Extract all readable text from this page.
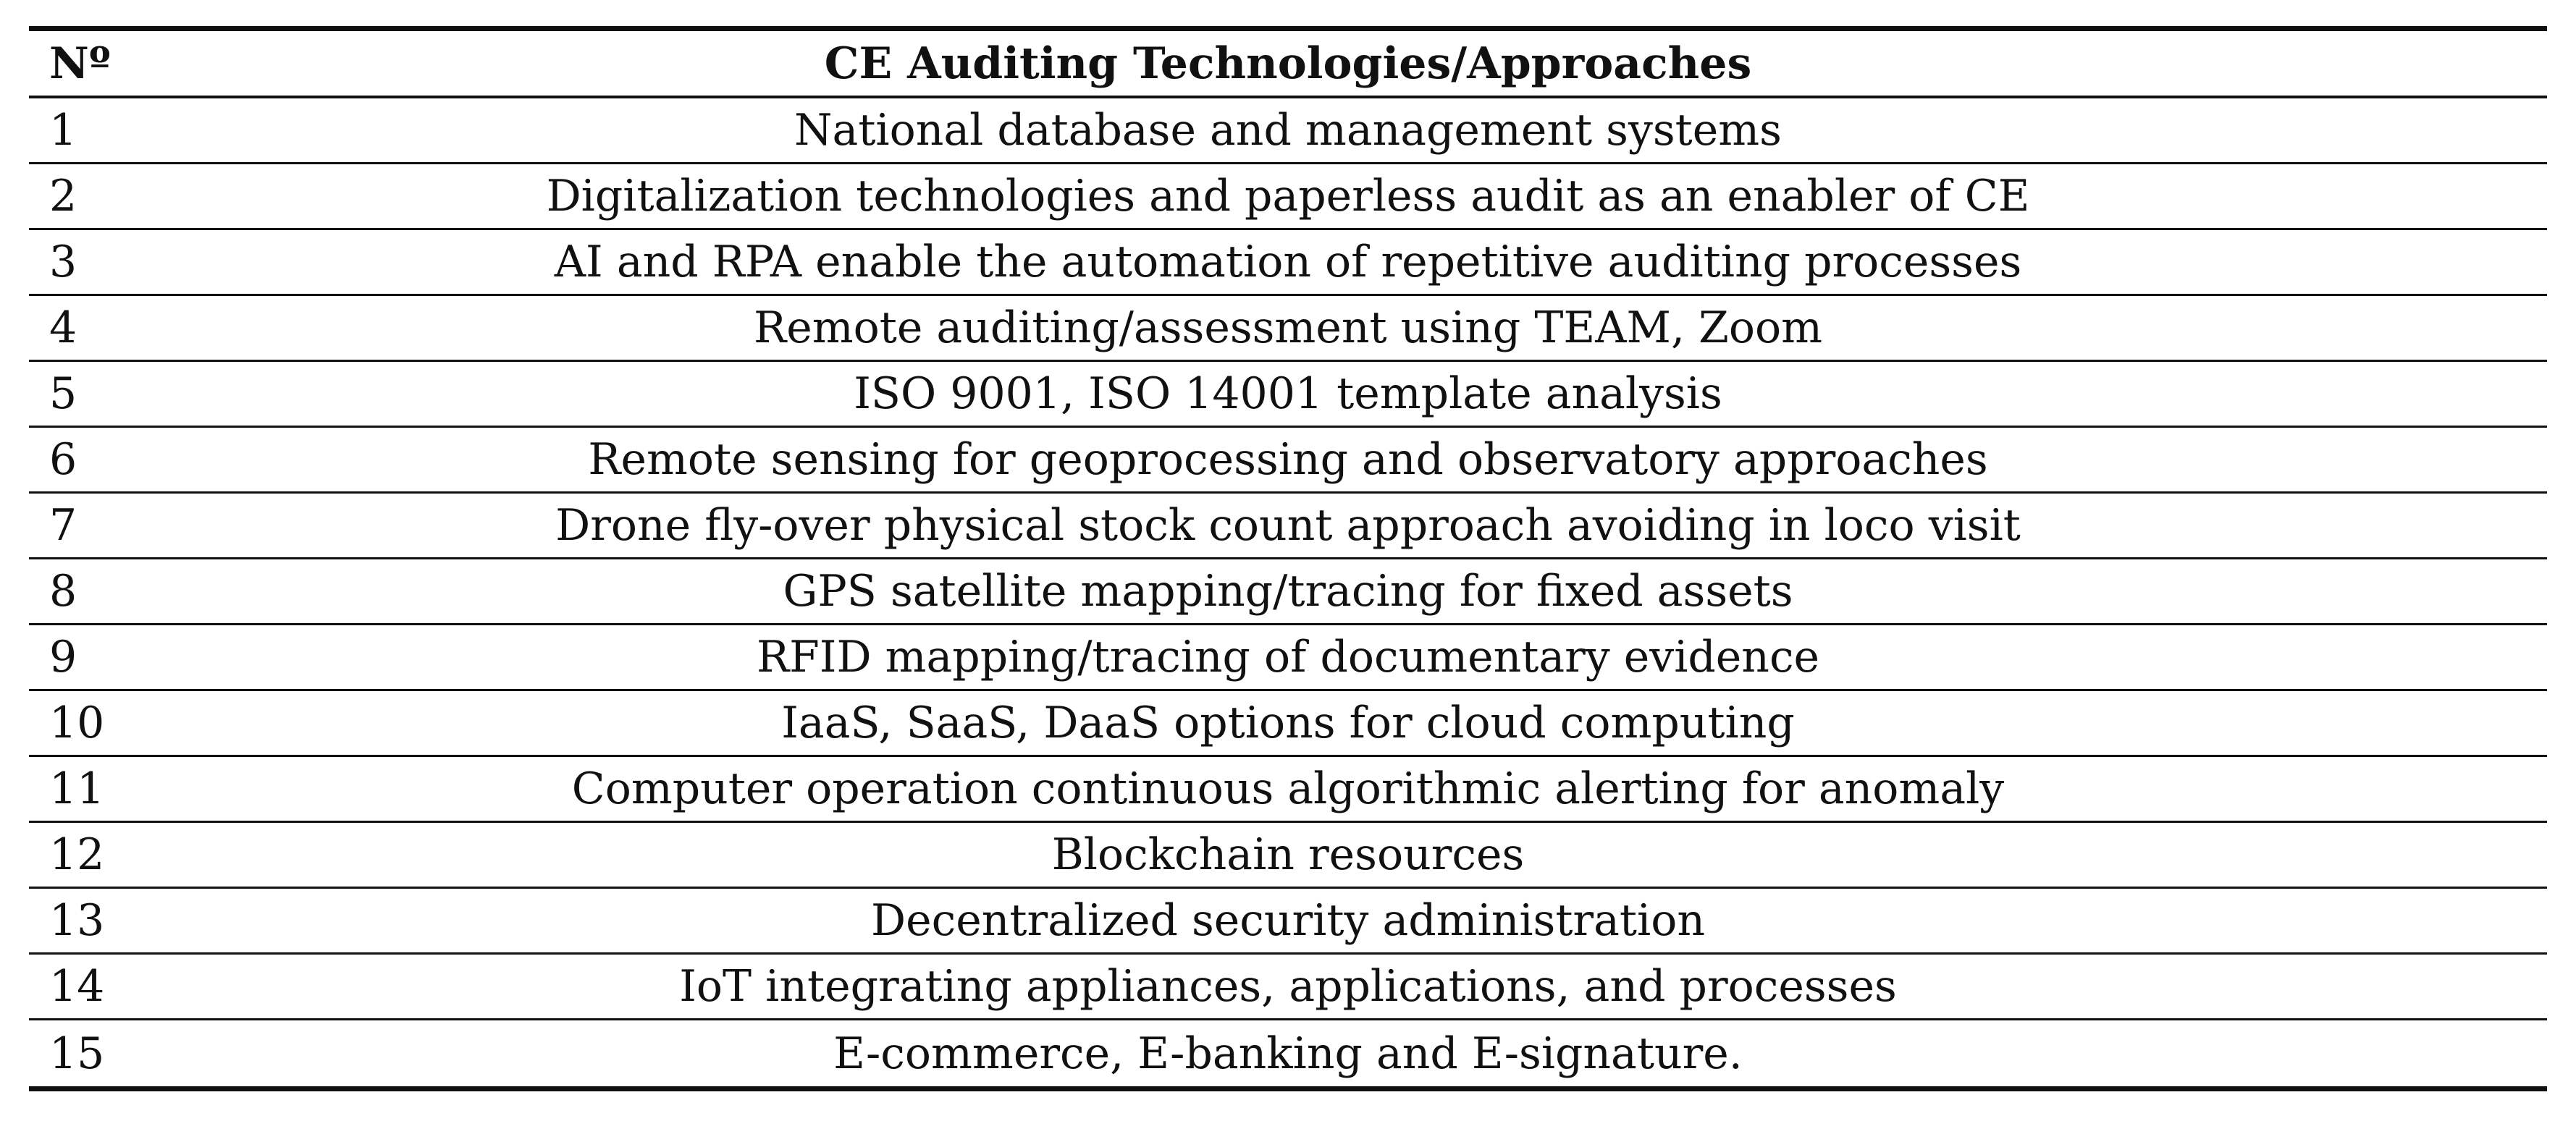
Nº	CE Auditing Technologies/Approaches
1	National database and management systems
2	Digitalization technologies and paperless audit as an enabler of CE
3	AI and RPA enable the automation of repetitive auditing processes
4	Remote auditing/assessment using TEAM, Zoom
5	ISO 9001, ISO 14001 template analysis
6	Remote sensing for geoprocessing and observatory approaches
7	Drone fly-over physical stock count approach avoiding in loco visit
8	GPS satellite mapping/tracing for fixed assets
9	RFID mapping/tracing of documentary evidence
10	IaaS, SaaS, DaaS options for cloud computing
11	Computer operation continuous algorithmic alerting for anomaly
12	Blockchain resources
13	Decentralized security administration
14	IoT integrating appliances, applications, and processes
15	E-commerce, E-banking and E-signature.
